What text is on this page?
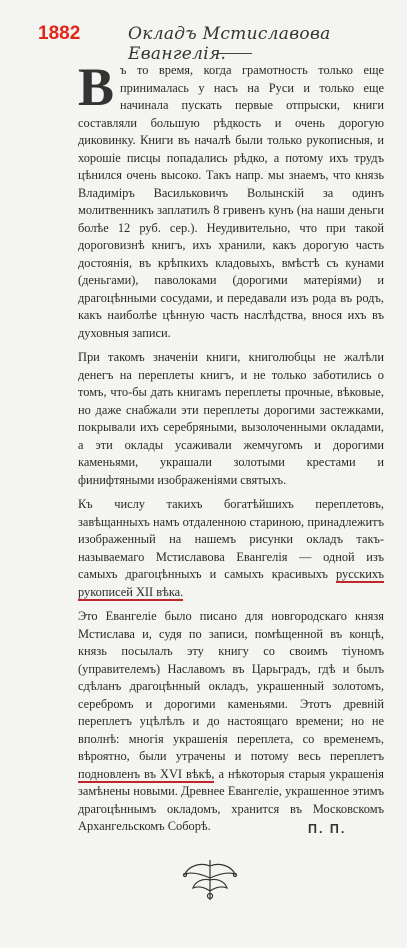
1882	Окладъ Мстиславова Евангелія.

Въ то время, когда грамотность только еще принималась у насъ на Руси и только еще начинала пускать первые отпрыски, книги составляли большую рѣдкость и очень дорогую диковинку. Книги въ началѣ были только рукописныя, и хорошіе писцы попадались рѣдко, а потому ихъ трудъ цѣнился очень высоко. Такъ напр. мы знаемъ, что князь Владиміръ Васильковичъ Волынскій за одинъ молитвенникъ заплатилъ 8 гривенъ кунъ (на наши деньги болѣе 12 руб. сер.). Неудивительно, что при такой дороговизнѣ книгъ, ихъ хранили, какъ дорогую часть достоянія, въ крѣпкихъ кладовыхъ, вмѣстѣ съ кунами (деньгами), паволоками (дорогими матеріями) и драгоцѣнными сосудами, и передавали изъ рода въ родъ, какъ наиболѣе цѣнную часть наслѣдства, внося ихъ въ духовныя записи.

При такомъ значеніи книги, книголюбцы не жалѣли денегъ на переплеты книгъ, и не только заботились о томъ, что-бы дать книгамъ переплеты прочные, вѣковые, но даже снабжали эти переплеты дорогими застежками, покрывали ихъ серебряными, вызолоченными окладами, а эти оклады усаживали жемчугомъ и дорогими каменьями, украшали золотыми крестами и финифтяными изображеніями святыхъ.

Къ числу такихъ богатѣйшихъ переплетовъ, завѣщанныхъ намъ отдаленною стариною, принадлежитъ изображенный на нашемъ рисунки окладъ такъ-называемаго Мстиславова Евангелія — одной изъ самыхъ драгоцѣнныхъ и самыхъ красивыхъ русскихъ рукописей XII вѣка.

Это Евангеліе было писано для новгородскаго князя Мстислава и, судя по записи, помѣщенной въ концѣ, князь посылалъ эту книгу со своимъ тіуномъ (управителемъ) Наславомъ въ Царьградъ, гдѣ и былъ сдѣланъ драгоцѣнный окладъ, украшенный золотомъ, серебромъ и дорогими каменьями. Этотъ древній переплетъ уцѣлѣлъ и до настоящаго времени; но не вполнѣ: многія украшенія переплета, со временемъ, вѣроятно, были утрачены и потому весь переплетъ подновленъ въ XVI вѣкѣ, а нѣкоторыя старыя украшенія замѣнены новыми. Древнее Евангеліе, украшенное этимъ драгоцѣннымъ окладомъ, хранится въ Московскомъ Архангельскомъ Соборѣ.	П. П.
